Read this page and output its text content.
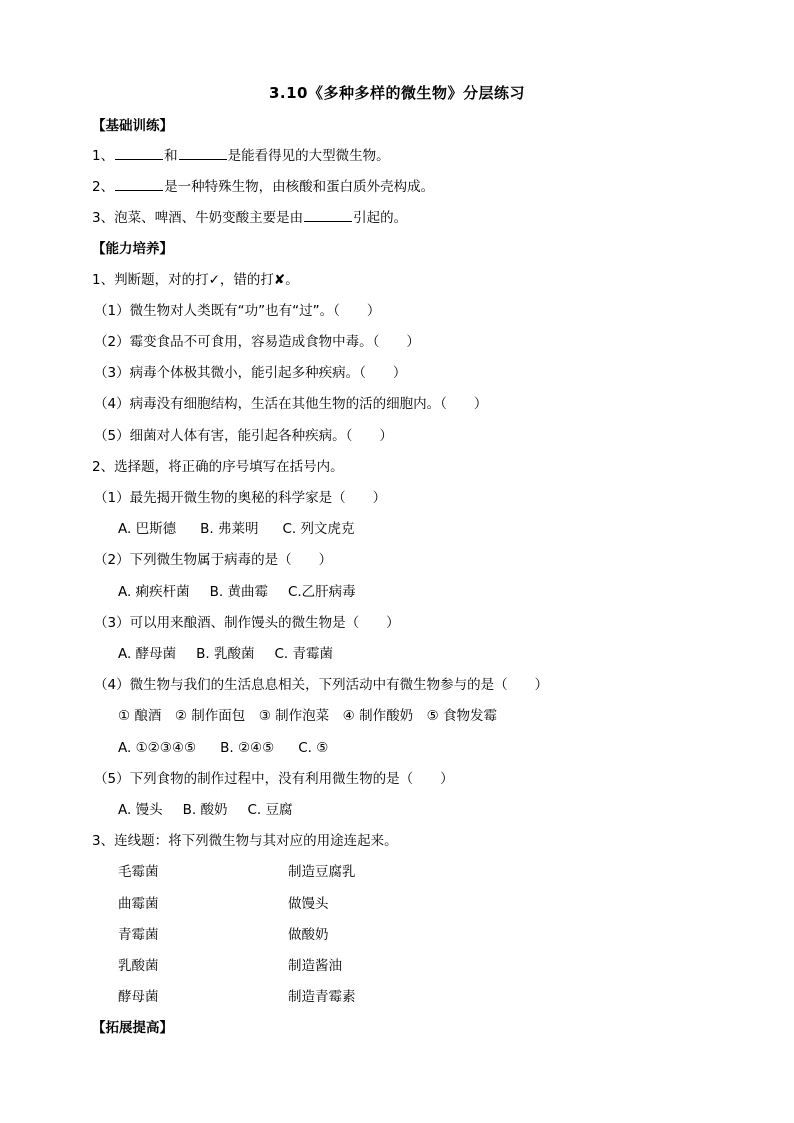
3.10《多种多样的微生物》分层练习
【基础训练】
1、	和	是能看得见的大型微生物。
2、	是一种特殊生物，由核酸和蛋白质外壳构成。
3、泡菜、啤酒、牛奶变酸主要是由	引起的。
【能力培养】
1、判断题，对的打✓，错的打✘。
（1）微生物对人类既有“功”也有“过”。（　　）
（2）霉变食品不可食用，容易造成食物中毒。（　　）
（3）病毒个体极其微小，能引起多种疾病。（　　）
（4）病毒没有细胞结构，生活在其他生物的活的细胞内。（　　）
（5）细菌对人体有害，能引起各种疾病。（　　）
2、选择题，将正确的序号填写在括号内。
（1）最先揭开微生物的奥秘的科学家是（　　）
A. 巴斯德 B. 弗莱明 C. 列文虎克
（2）下列微生物属于病毒的是（　　）
A. 痢疾杆菌 B. 黄曲霉 C.乙肝病毒
（3）可以用来酿酒、制作馒头的微生物是（　　）
A. 酵母菌 B. 乳酸菌 C. 青霉菌
（4）微生物与我们的生活息息相关，下列活动中有微生物参与的是（　　）
① 酿酒　② 制作面包　③ 制作泡菜　④ 制作酸奶　⑤ 食物发霉
A. ①②③④⑤ B. ②④⑤ C. ⑤
（5）下列食物的制作过程中，没有利用微生物的是（　　）
A. 馒头 B. 酸奶 C. 豆腐
3、连线题：将下列微生物与其对应的用途连起来。
毛霉菌	制造豆腐乳
曲霉菌	做馒头
青霉菌	做酸奶
乳酸菌	制造酱油
酵母菌	制造青霉素
【拓展提高】
